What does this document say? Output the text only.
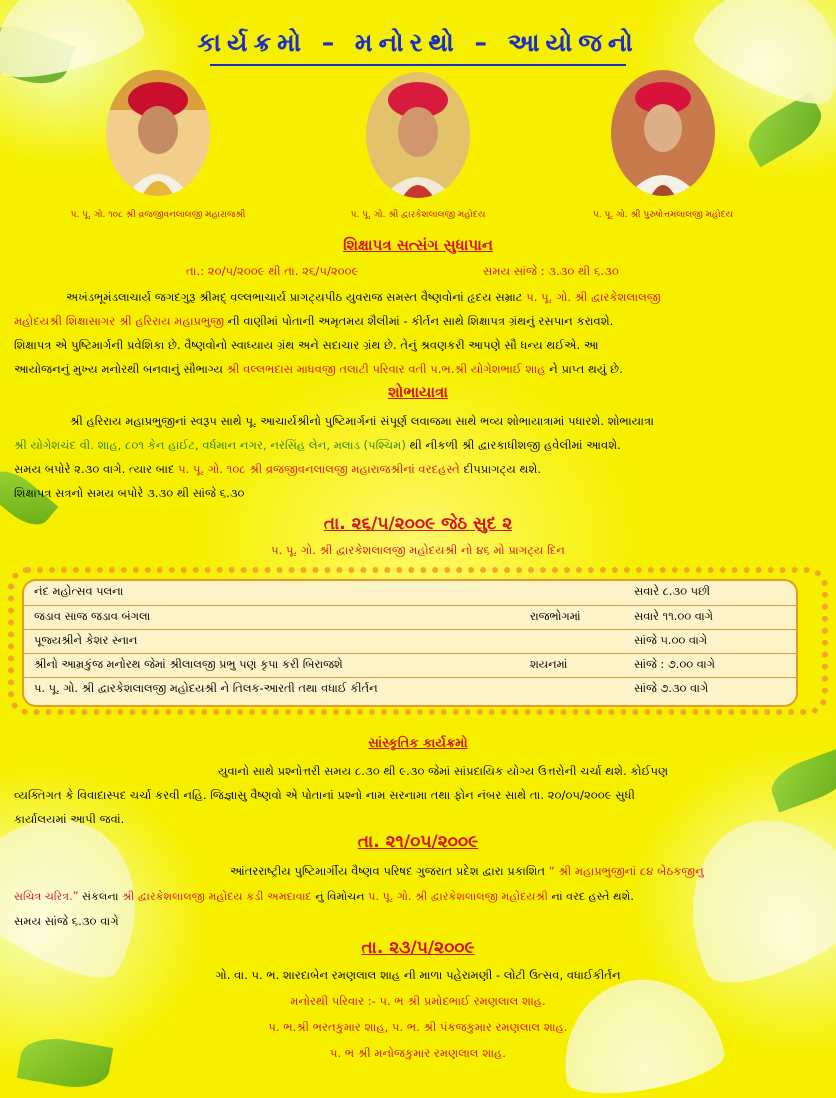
કાર્યક્રમો – મનોરથો – આયોજનો
પ. પૂ. ગો. ૧૦૮ શ્રી વ્રજજીવનલાલજી મહારાજશ્રી	પ. પૂ. ગો. શ્રી દ્વારકેશલાલજી મહોદય	પ. પૂ. ગો. શ્રી પુરુષોત્તમલાલજી મહોદય
શિક્ષાપત્ર સત્સંગ સુધાપાન
તા.: ૨૦/૫/૨૦૦૯ થી તા. ૨૬/૫/૨૦૦૯	સમય સાંજે : ૩.૩૦ થી ૬.૩૦
અખંડભૂમંડલાચાર્ય જગદગુરૂ શ્રીમદ્ વલ્લભાચાર્ય પ્રાગટ્યપીઠ યુવરાજ સમસ્ત વૈષ્ણવોનાં હૃદય સમ્રાટ પ. પૂ. ગો. શ્રી દ્વારકેશલાલજી
મહોદયશ્રી શિક્ષાસાગર શ્રી હરિરાય મહાપ્રભુજી ની વાણીમાં પોતાની અમૃતમય શૈલીમાં - કીર્તન સાથે શિક્ષાપત્ર ગ્રંથનું રસપાન કરાવશે.
શિક્ષાપત્ર એ પુષ્ટિમાર્ગની પ્રવેશિકા છે. વૈષ્ણવોનો સ્વાધ્યાય ગ્રંથ અને સદાચાર ગ્રંથ છે. તેનું શ્રવણકરી આપણે સૌ ધન્ય થઈએ. આ
આયોજનનું મુખ્ય મનોરથી બનવાનું સૌભાગ્ય શ્રી વલ્લભદાસ માધવજી તલાટી પરિવાર વતી પ.ભ.શ્રી યોગેશભાઈ શાહ ને પ્રાપ્ત થયું છે.
શોભાયાત્રા
શ્રી હરિરાય મહાપ્રભુજીનાં સ્વરૂપ સાથે પૂ. આચાર્યશ્રીનો પુષ્ટિમાર્ગનાં સંપૂર્ણ લવાજમા સાથે ભવ્ય શોભાયાત્રામાં પધારશે. શોભાયાત્રા
શ્રી યોગેશચંદ વી. શાહ, ૮૦૧ કેન હાઈટ, વર્ધમાન નગર, નરસિંહ લેન, મલાડ (પશ્ચિમ) થી નીકળી શ્રી દ્વારકાધીશજી હવેલીમાં આવશે.
સમય બપોરે ૨.૩૦ વાગે. ત્યાર બાદ પ. પૂ. ગો. ૧૦૮ શ્રી વ્રજજીવનલાલજી મહારાજશ્રીનાં વરદહસ્તે દીપપ્રાગટ્ય થશે.
શિક્ષાપત્ર સત્રનો સમય બપોરે ૩.૩૦ થી સાંજે ૬.૩૦
તા. ૨૬/૫/૨૦૦૯ જેઠ સુદ ૨
પ. પૂ. ગો. શ્રી દ્વારકેશલાલજી મહોદયશ્રી નો ૪૬ મો પ્રાગટ્ય દિન
નંદ મહોત્સવ પલના	સવારે ૮.૩૦ પછી
જડાવ સાજ જડાવ બંગલા	રાજભોગમાં	સવારે ૧૧.૦૦ વાગે
પૂજ્યશ્રીને કેશર સ્નાન	સાંજે ૫.૦૦ વાગે
શ્રીનો આમ્રકુંજ મનોરથ જેમાં શ્રીલાલજી પ્રભુ પણ કૃપા કરી બિરાજશે	શયનમાં	સાંજે : ૭.૦૦ વાગે
પ. પૂ. ગો. શ્રી દ્વારકેશલાલજી મહોદયશ્રી ને તિલક-આરતી તથા વધાઈ કીર્તન	સાંજે ૭.૩૦ વાગે
સાંસ્કૃતિક કાર્યક્રમો
યુવાનો સાથે પ્રશ્નોત્તરી સમય ૮.૩૦ થી ૯.૩૦ જેમાં સાંપ્રદાયિક યોગ્ય ઉત્તરોની ચર્ચા થશે. કોઈપણ
વ્યક્તિગત કે વિવાદાસ્પદ ચર્ચા કરવી નહિ. જિજ્ઞાસુ વૈષ્ણવો એ પોતાનાં પ્રશ્નો નામ સરનામા તથા ફોન નંબર સાથે તા. ૨૦/૦૫/૨૦૦૯ સુધી
કાર્યાલયમાં આપી જવાં.
તા. ૨૧/૦૫/૨૦૦૯
આંતરરાષ્ટ્રીય પુષ્ટિમાર્ગીય વૈષ્ણવ પરિષદ ગુજરાત પ્રદેશ દ્વારા પ્રકાશિત “ શ્રી મહાપ્રભુજીનાં ૮૪ બેઠકજીનુ
સચિત્ર ચરિત્ર.” સંકલના શ્રી દ્વારકેશલાલજી મહોદય કડી અમદાવાદ નું વિમોચન પ. પૂ. ગો. શ્રી દ્વારકેશલાલજી મહોદયશ્રી નાં વરદ હસ્તે થશે.
સમય સાંજે ૬.૩૦ વાગે
તા. ૨૩/૫/૨૦૦૯
ગો. વા. પ. ભ. શારદાબેન રમણલાલ શાહ ની માળા પહેરામણી - લોટી ઉત્સવ, વધાઈકીર્તન
મનોરથી પરિવાર :- પ. ભ શ્રી પ્રમોદભાઈ રમણલાલ શાહ.
પ. ભ.શ્રી ભરતકુમાર શાહ, પ. ભ. શ્રી પંકજકુમાર રમણલાલ શાહ.
પ. ભ શ્રી મનોજકુમાર રમણલાલ શાહ.
